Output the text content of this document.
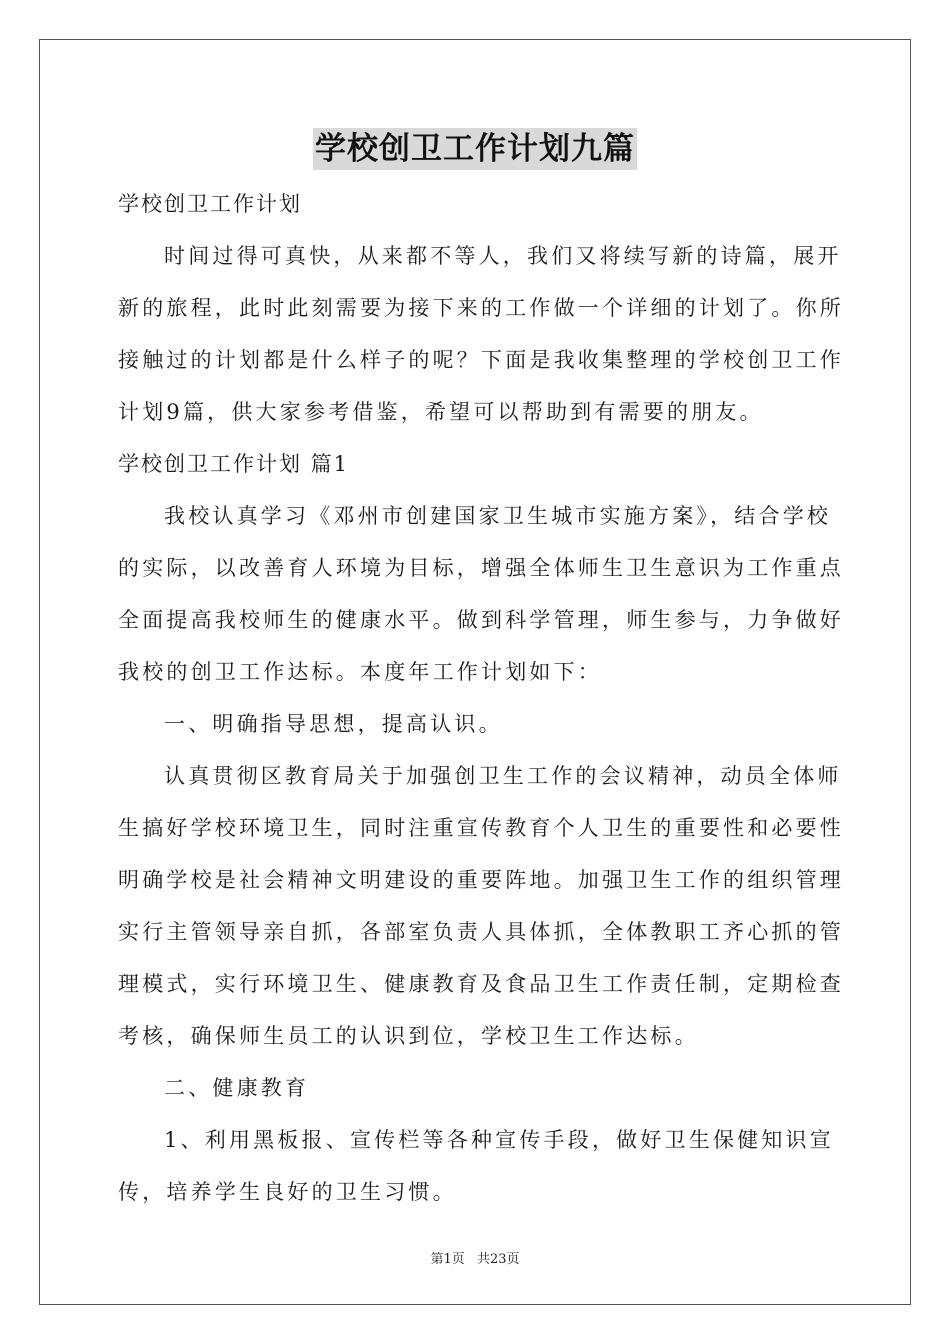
学校创卫工作计划九篇
学校创卫工作计划
时间过得可真快，从来都不等人，我们又将续写新的诗篇，展开
新的旅程，此时此刻需要为接下来的工作做一个详细的计划了。你所
接触过的计划都是什么样子的呢？下面是我收集整理的学校创卫工作
计划9篇，供大家参考借鉴，希望可以帮助到有需要的朋友。
学校创卫工作计划 篇1
我校认真学习《邓州市创建国家卫生城市实施方案》，结合学校
的实际，以改善育人环境为目标，增强全体师生卫生意识为工作重点
全面提高我校师生的健康水平。做到科学管理，师生参与，力争做好
我校的创卫工作达标。本度年工作计划如下：
一、明确指导思想，提高认识。
认真贯彻区教育局关于加强创卫生工作的会议精神，动员全体师
生搞好学校环境卫生，同时注重宣传教育个人卫生的重要性和必要性
明确学校是社会精神文明建设的重要阵地。加强卫生工作的组织管理
实行主管领导亲自抓，各部室负责人具体抓，全体教职工齐心抓的管
理模式，实行环境卫生、健康教育及食品卫生工作责任制，定期检查
考核，确保师生员工的认识到位，学校卫生工作达标。
二、健康教育
1、利用黑板报、宣传栏等各种宣传手段，做好卫生保健知识宣
传，培养学生良好的卫生习惯。
第1页 共23页
